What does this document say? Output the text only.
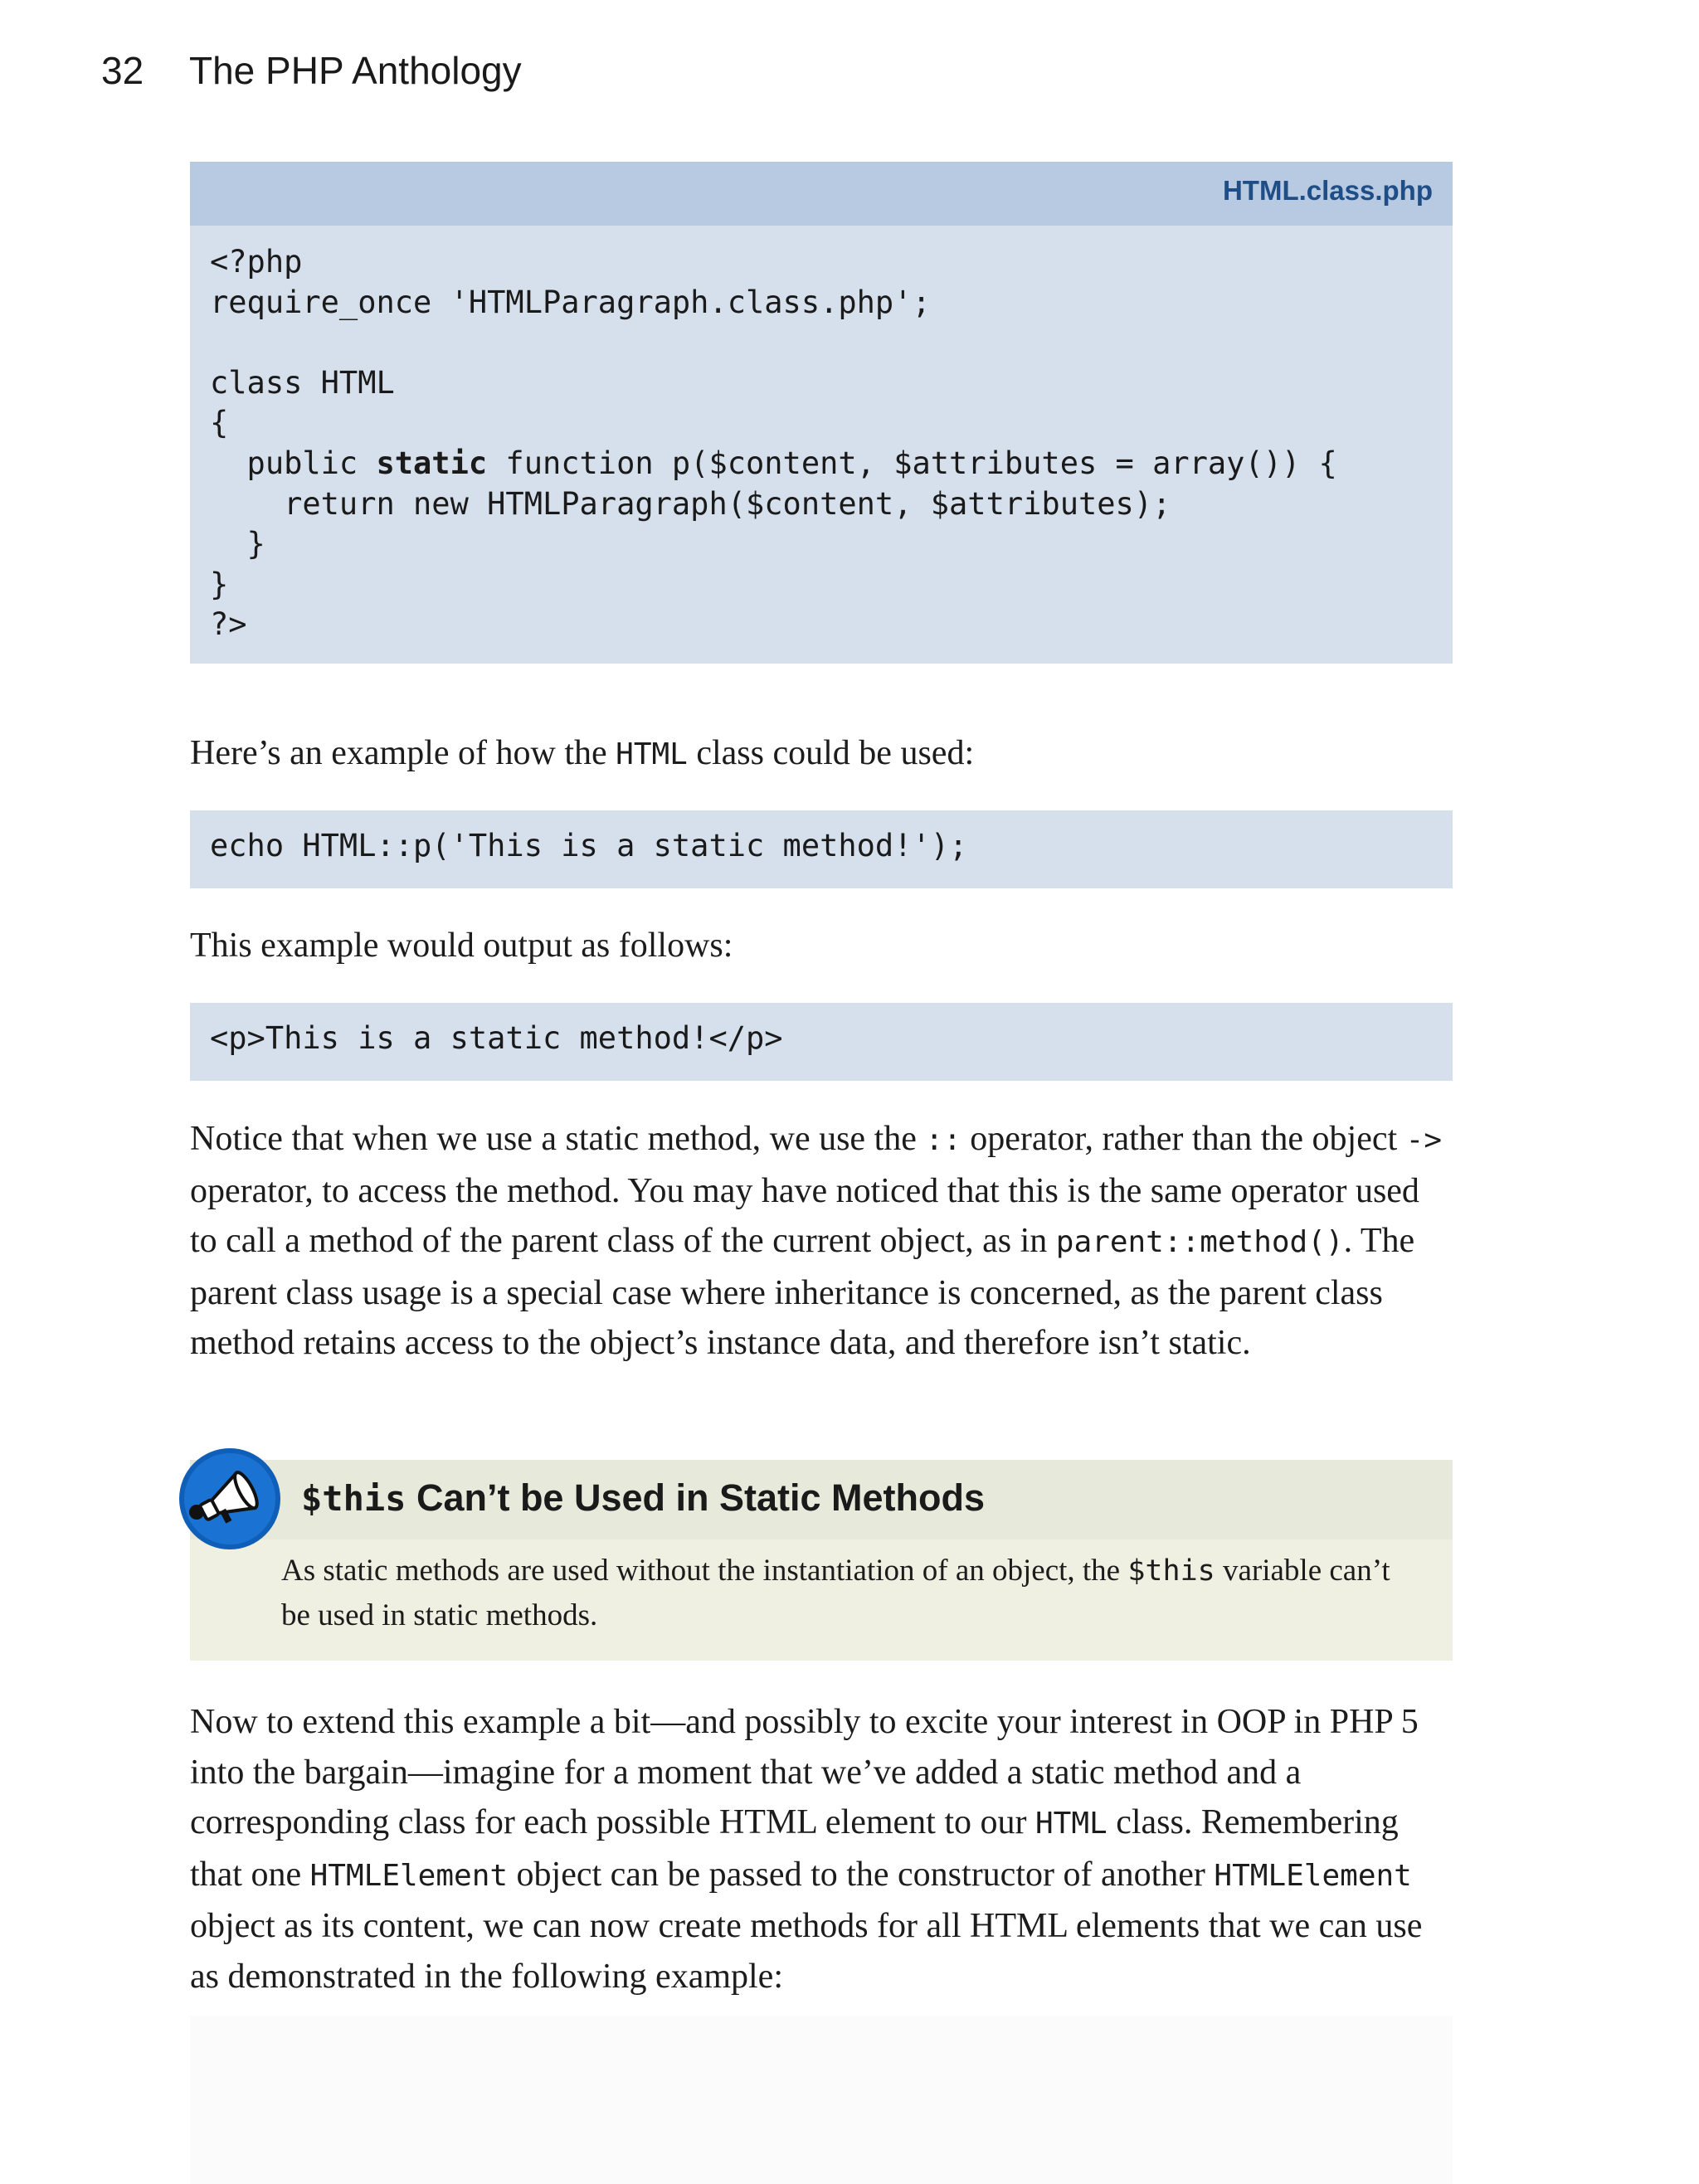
32 The PHP Anthology
HTML.class.php
<?php
require_once 'HTMLParagraph.class.php';

class HTML
{
public static function p($content, $attributes = array()) {
return new HTMLParagraph($content, $attributes);
}
}
?>

Here’s an example of how the HTML class could be used:

echo HTML::p('This is a static method!');

This example would output as follows:

<p>This is a static method!</p>

Notice that when we use a static method, we use the :: operator, rather than the object -> operator, to access the method. You may have noticed that this is the same operator used to call a method of the parent class of the current object, as in parent::method(). The parent class usage is a special case where inheritance is concerned, as the parent class method retains access to the object’s instance data, and therefore isn’t static.

$this Can’t be Used in Static Methods

As static methods are used without the instantiation of an object, the $this variable can’t be used in static methods.

Now to extend this example a bit—and possibly to excite your interest in OOP in PHP 5 into the bargain—imagine for a moment that we’ve added a static method and a corresponding class for each possible HTML element to our HTML class. Remembering that one HTMLElement object can be passed to the constructor of another HTMLElement object as its content, we can now create methods for all HTML elements that we can use as demonstrated in the following example:
